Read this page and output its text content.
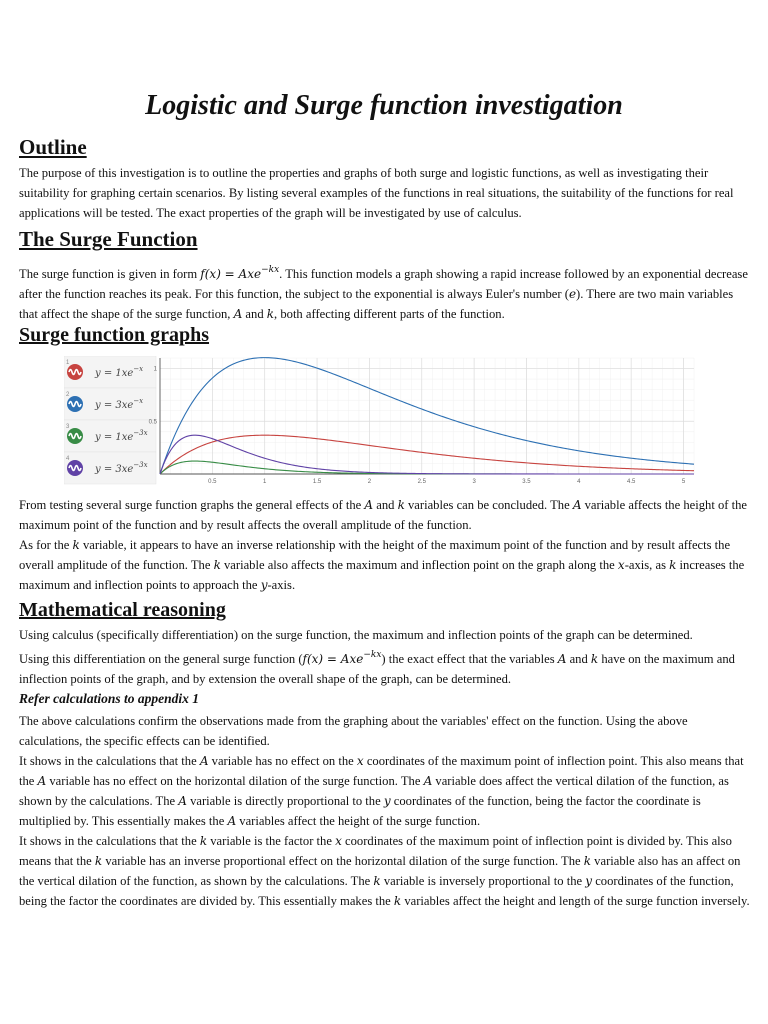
Logistic and Surge function investigation
Outline

The purpose of this investigation is to outline the properties and graphs of both surge and logistic functions, as well as investigating their suitability for graphing certain scenarios. By listing several examples of the functions in real situations, the suitability of the functions for real applications will be tested. The exact properties of the graph will be investigated by use of calculus.

The Surge Function

The surge function is given in form f(x) = Axe$^{-kx}$. This function models a graph showing a rapid increase followed by an exponential decrease after the function reaches its peak. For this function, the subject to the exponential is always Euler's number (e). There are two main variables that affect the shape of the surge function, A and k, both affecting different parts of the function.

Surge function graphs
1
$y = 1xe^{-x}$
2
$y = 3xe^{-x}$
3
$y = 1xe^{-3x}$
4
$y = 3xe^{-3x}$
0.5	1	1.5	2	2.5	3	3.5	4	4.5	5
1
0.5

From testing several surge function graphs the general effects of the A and k variables can be concluded. The A variable affects the height of the maximum point of the function and by result affects the overall amplitude of the function.

As for the k variable, it appears to have an inverse relationship with the height of the maximum point of the function and by result affects the overall amplitude of the function. The k variable also affects the maximum and inflection point on the graph along the x-axis, as k increases the maximum and inflection points to approach the y-axis.

Mathematical reasoning

Using calculus (specifically differentiation) on the surge function, the maximum and inflection points of the graph can be determined.

Using this differentiation on the general surge function (f(x) = Axe$^{-kx}$) the exact effect that the variables A and k have on the maximum and inflection points of the graph, and by extension the overall shape of the graph, can be determined.

Refer calculations to appendix 1

The above calculations confirm the observations made from the graphing about the variables' effect on the function. Using the above calculations, the specific effects can be identified.

It shows in the calculations that the A variable has no effect on the x coordinates of the maximum point of inflection point. This also means that the A variable has no effect on the horizontal dilation of the surge function. The A variable does affect the vertical dilation of the function, as shown by the calculations. The A variable is directly proportional to the y coordinates of the function, being the factor the coordinate is multiplied by. This essentially makes the A variables affect the height of the surge function.

It shows in the calculations that the k variable is the factor the x coordinates of the maximum point of inflection point is divided by. This also means that the k variable has an inverse proportional effect on the horizontal dilation of the surge function. The k variable also has an affect on the vertical dilation of the function, as shown by the calculations. The k variable is inversely proportional to the y coordinates of the function, being the factor the coordinates are divided by. This essentially makes the k variables affect the height and length of the surge function inversely.
